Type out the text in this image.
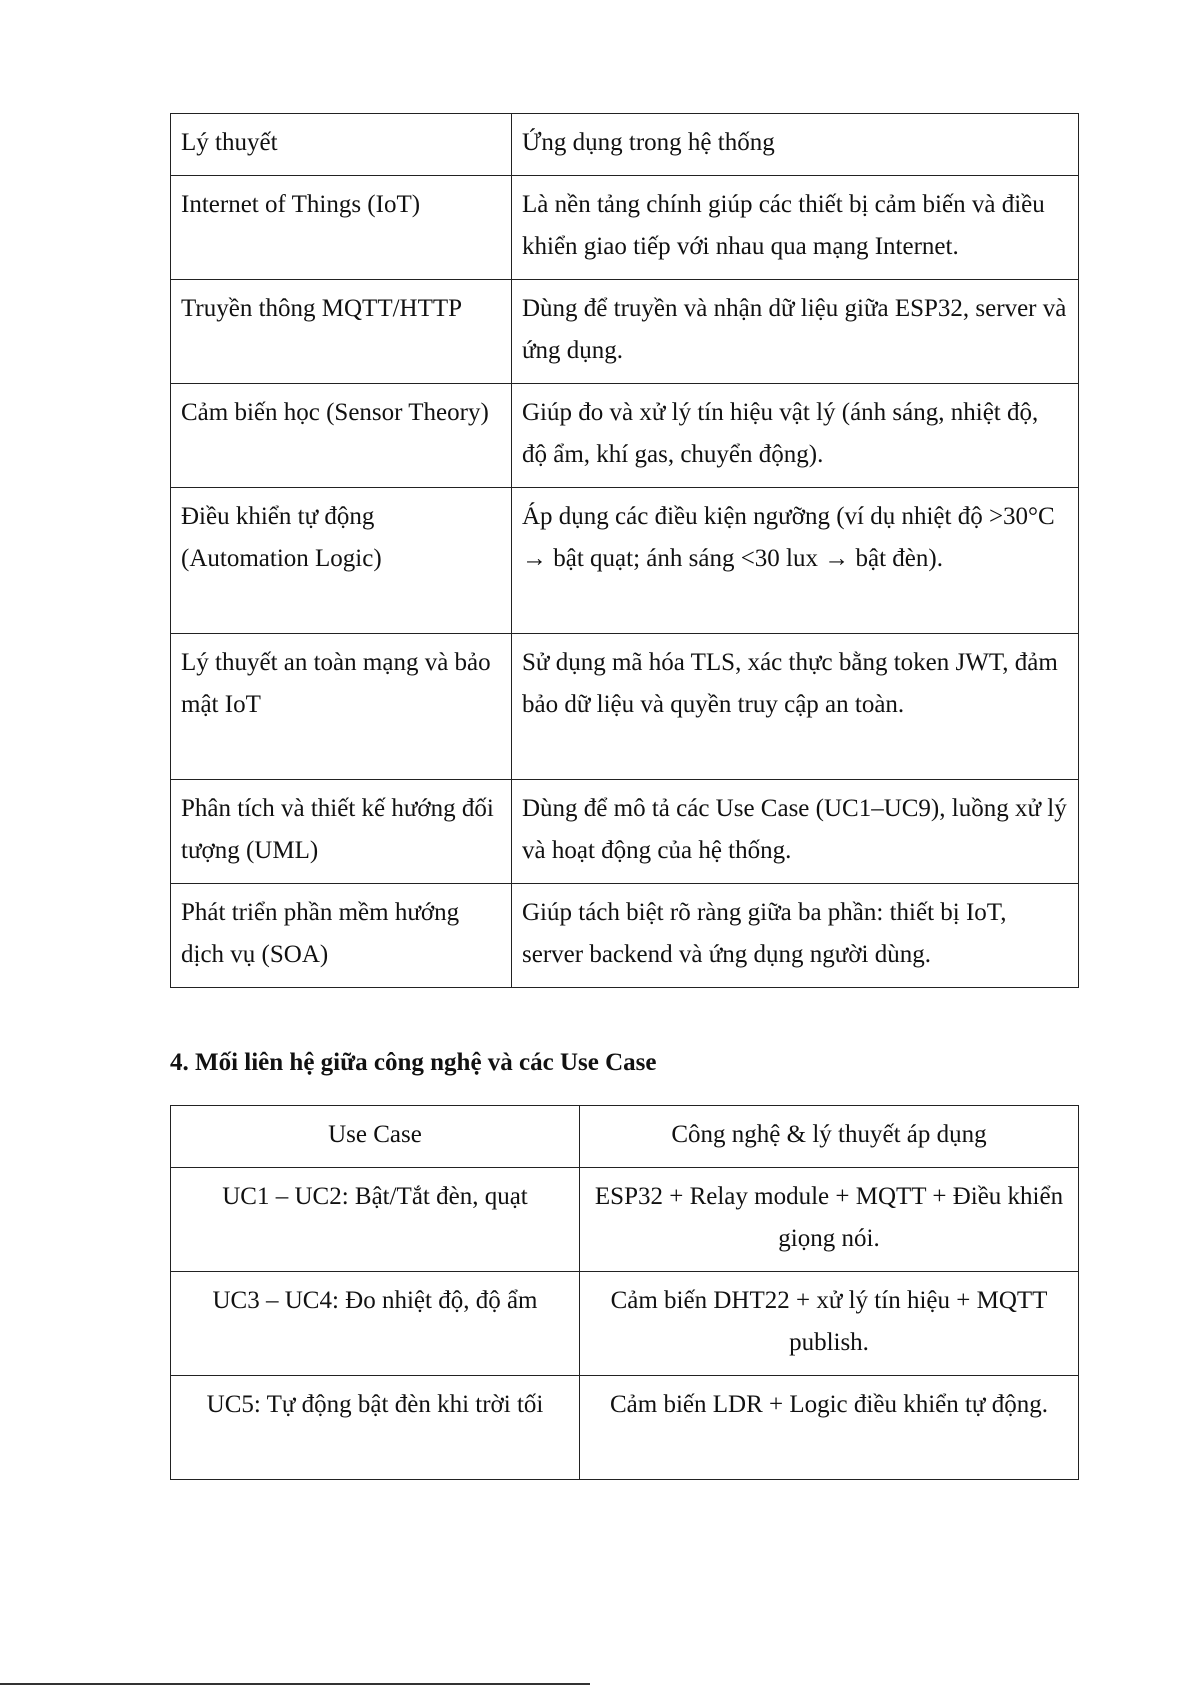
Lý thuyết	Ứng dụng trong hệ thống
Internet of Things (IoT)	Là nền tảng chính giúp các thiết bị cảm biến và điều khiển giao tiếp với nhau qua mạng Internet.
Truyền thông MQTT/HTTP	Dùng để truyền và nhận dữ liệu giữa ESP32, server và ứng dụng.
Cảm biến học (Sensor Theory)	Giúp đo và xử lý tín hiệu vật lý (ánh sáng, nhiệt độ, độ ẩm, khí gas, chuyển động).
Điều khiển tự động (Automation Logic)	Áp dụng các điều kiện ngưỡng (ví dụ nhiệt độ >30°C → bật quạt; ánh sáng <30 lux → bật đèn).
Lý thuyết an toàn mạng và bảo mật IoT	Sử dụng mã hóa TLS, xác thực bằng token JWT, đảm bảo dữ liệu và quyền truy cập an toàn.
Phân tích và thiết kế hướng đối tượng (UML)	Dùng để mô tả các Use Case (UC1–UC9), luồng xử lý và hoạt động của hệ thống.
Phát triển phần mềm hướng dịch vụ (SOA)	Giúp tách biệt rõ ràng giữa ba phần: thiết bị IoT, server backend và ứng dụng người dùng.
4. Mối liên hệ giữa công nghệ và các Use Case
Use Case	Công nghệ & lý thuyết áp dụng
UC1 – UC2: Bật/Tắt đèn, quạt	ESP32 + Relay module + MQTT + Điều khiển giọng nói.
UC3 – UC4: Đo nhiệt độ, độ ẩm	Cảm biến DHT22 + xử lý tín hiệu + MQTT publish.
UC5: Tự động bật đèn khi trời tối	Cảm biến LDR + Logic điều khiển tự động.
